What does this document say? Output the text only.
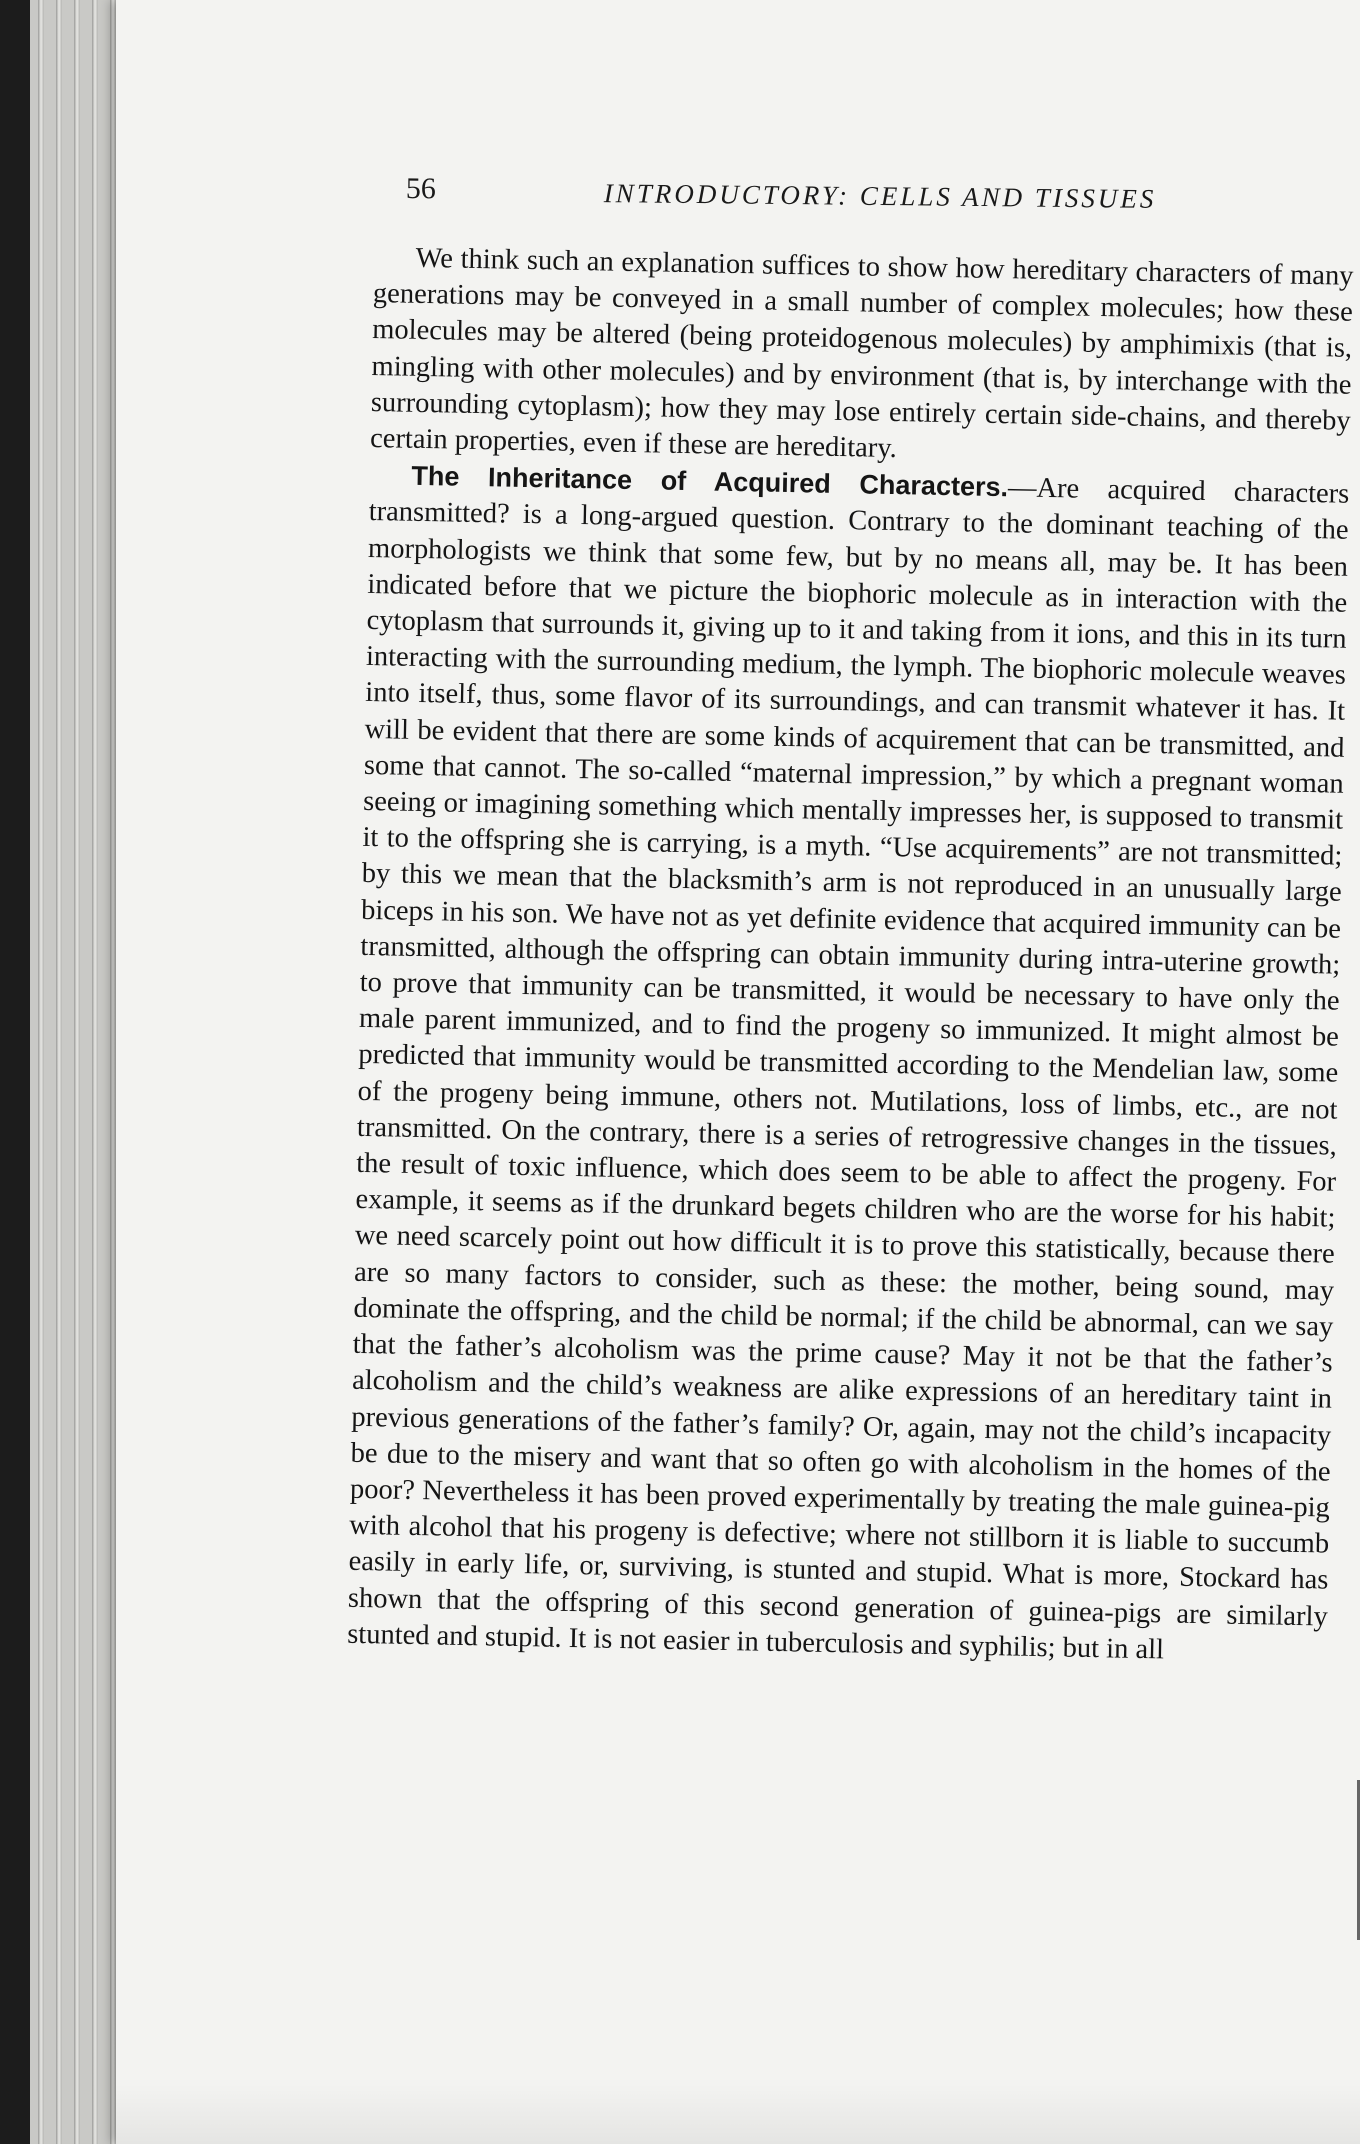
56	INTRODUCTORY: CELLS AND TISSUES

We think such an explanation suffices to show how hereditary characters of many generations may be conveyed in a small number of complex molecules; how these molecules may be altered (being proteidogenous molecules) by amphimixis (that is, mingling with other molecules) and by environment (that is, by interchange with the surrounding cytoplasm); how they may lose entirely certain side-chains, and thereby certain properties, even if these are hereditary.

The Inheritance of Acquired Characters.—Are acquired characters transmitted? is a long-argued question. Contrary to the dominant teaching of the morphologists we think that some few, but by no means all, may be. It has been indicated before that we picture the biophoric molecule as in interaction with the cytoplasm that surrounds it, giving up to it and taking from it ions, and this in its turn interacting with the surrounding medium, the lymph. The biophoric molecule weaves into itself, thus, some flavor of its surroundings, and can transmit whatever it has. It will be evident that there are some kinds of acquirement that can be transmitted, and some that cannot. The so-called “maternal impression,” by which a pregnant woman seeing or imagining something which mentally impresses her, is supposed to transmit it to the offspring she is carrying, is a myth. “Use acquirements” are not transmitted; by this we mean that the blacksmith’s arm is not reproduced in an unusually large biceps in his son. We have not as yet definite evidence that acquired immunity can be transmitted, although the offspring can obtain immunity during intra-uterine growth; to prove that immunity can be transmitted, it would be necessary to have only the male parent immunized, and to find the progeny so immunized. It might almost be predicted that immunity would be transmitted according to the Mendelian law, some of the progeny being immune, others not. Mutilations, loss of limbs, etc., are not transmitted. On the contrary, there is a series of retrogressive changes in the tissues, the result of toxic influence, which does seem to be able to affect the progeny. For example, it seems as if the drunkard begets children who are the worse for his habit; we need scarcely point out how difficult it is to prove this statistically, because there are so many factors to consider, such as these: the mother, being sound, may dominate the offspring, and the child be normal; if the child be abnormal, can we say that the father’s alcoholism was the prime cause? May it not be that the father’s alcoholism and the child’s weakness are alike expressions of an hereditary taint in previous generations of the father’s family? Or, again, may not the child’s incapacity be due to the misery and want that so often go with alcoholism in the homes of the poor? Nevertheless it has been proved experimentally by treating the male guinea-pig with alcohol that his progeny is defective; where not stillborn it is liable to succumb easily in early life, or, surviving, is stunted and stupid. What is more, Stockard has shown that the offspring of this second generation of guinea-pigs are similarly stunted and stupid. It is not easier in tuberculosis and syphilis; but in all
